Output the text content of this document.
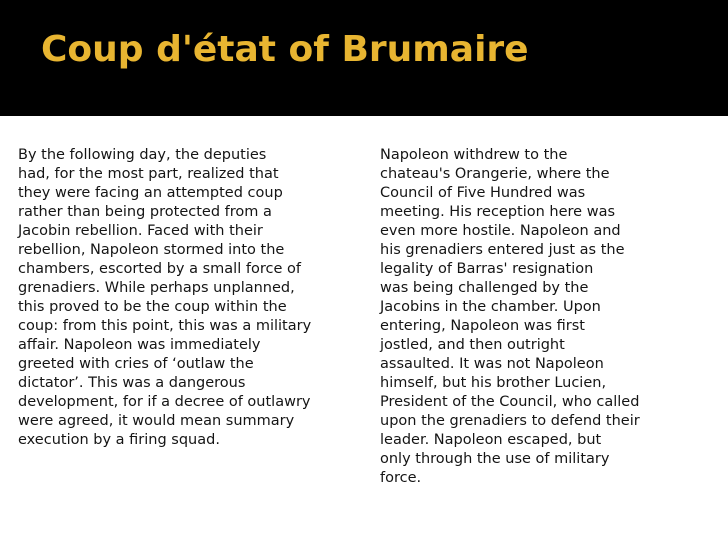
Coup d'état of Brumaire
By the following day, the deputies
had, for the most part, realized that
they were facing an attempted coup
rather than being protected from a
Jacobin rebellion. Faced with their
rebellion, Napoleon stormed into the
chambers, escorted by a small force of
grenadiers. While perhaps unplanned,
this proved to be the coup within the
coup: from this point, this was a military
affair. Napoleon was immediately
greeted with cries of ‘outlaw the
dictator’. This was a dangerous
development, for if a decree of outlawry
were agreed, it would mean summary
execution by a firing squad.
Napoleon withdrew to the
chateau's Orangerie, where the
Council of Five Hundred was
meeting. His reception here was
even more hostile. Napoleon and
his grenadiers entered just as the
legality of Barras' resignation
was being challenged by the
Jacobins in the chamber. Upon
entering, Napoleon was first
jostled, and then outright
assaulted. It was not Napoleon
himself, but his brother Lucien,
President of the Council, who called
upon the grenadiers to defend their
leader. Napoleon escaped, but
only through the use of military
force.
